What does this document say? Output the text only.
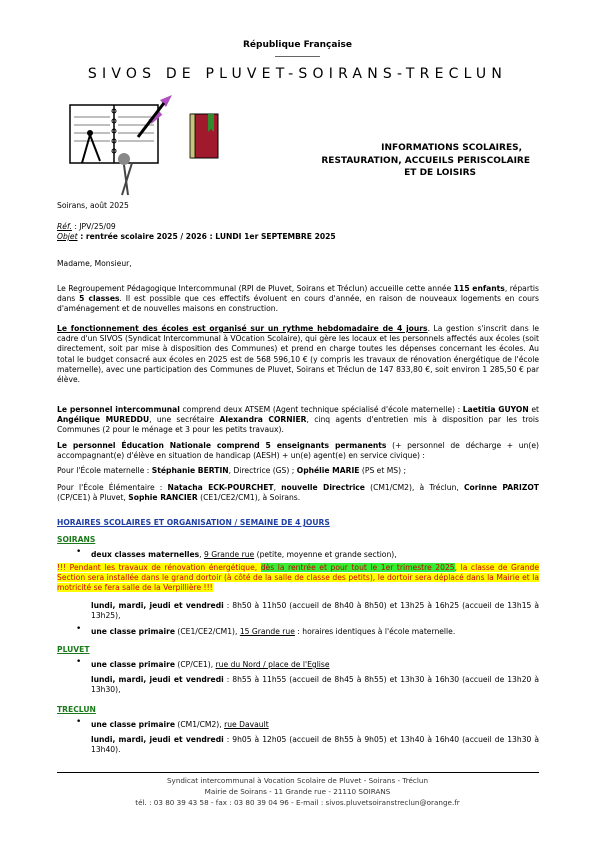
République Française
SIVOS DE PLUVET-SOIRANS-TRECLUN
INFORMATIONS SCOLAIRES,
RESTAURATION, ACCUEILS PERISCOLAIRE
ET DE LOISIRS
Soirans, août 2025
Réf. : JPV/25/09
Objet : rentrée scolaire 2025 / 2026 : LUNDI 1er SEPTEMBRE 2025
Madame, Monsieur,
Le Regroupement Pédagogique Intercommunal (RPI de Pluvet, Soirans et Tréclun) accueille cette année 115 enfants, répartis dans 5 classes. Il est possible que ces effectifs évoluent en cours d'année, en raison de nouveaux logements en cours d'aménagement et de nouvelles maisons en construction.
Le fonctionnement des écoles est organisé sur un rythme hebdomadaire de 4 jours. La gestion s'inscrit dans le cadre d'un SIVOS (Syndicat Intercommunal à VOcation Scolaire), qui gère les locaux et les personnels affectés aux écoles (soit directement, soit par mise à disposition des Communes) et prend en charge toutes les dépenses concernant les écoles. Au total le budget consacré aux écoles en 2025 est de 568 596,10 € (y compris les travaux de rénovation énergétique de l'école maternelle), avec une participation des Communes de Pluvet, Soirans et Tréclun de 147 833,80 €, soit environ 1 285,50 € par élève.
Le personnel intercommunal comprend deux ATSEM (Agent technique spécialisé d'école maternelle) : Laetitia GUYON et Angélique MUREDDU, une secrétaire Alexandra CORNIER, cinq agents d'entretien mis à disposition par les trois Communes (2 pour le ménage et 3 pour les petits travaux).
Le personnel Éducation Nationale comprend 5 enseignants permanents (+ personnel de décharge + un(e) accompagnant(e) d'élève en situation de handicap (AESH) + un(e) agent(e) en service civique) :
Pour l'École maternelle : Stéphanie BERTIN, Directrice (GS) ; Ophélie MARIE (PS et MS) ;
Pour l'École Élémentaire : Natacha ECK-POURCHET, nouvelle Directrice (CM1/CM2), à Tréclun, Corinne PARIZOT (CP/CE1) à Pluvet, Sophie RANCIER (CE1/CE2/CM1), à Soirans.
HORAIRES SCOLAIRES ET ORGANISATION / SEMAINE DE 4 JOURS
SOIRANS
• deux classes maternelles, 9 Grande rue (petite, moyenne et grande section),
!!! Pendant les travaux de rénovation énergétique, dès la rentrée et pour tout le 1er trimestre 2025, la classe de Grande Section sera installée dans le grand dortoir (à côté de la salle de classe des petits), le dortoir sera déplacé dans la Mairie et la motricité se fera salle de la Verpillière !!!
lundi, mardi, jeudi et vendredi : 8h50 à 11h50 (accueil de 8h40 à 8h50) et 13h25 à 16h25 (accueil de 13h15 à 13h25),
• une classe primaire (CE1/CE2/CM1), 15 Grande rue : horaires identiques à l'école maternelle.
PLUVET
• une classe primaire (CP/CE1), rue du Nord / place de l'Eglise
lundi, mardi, jeudi et vendredi : 8h55 à 11h55 (accueil de 8h45 à 8h55) et 13h30 à 16h30 (accueil de 13h20 à 13h30),
TRECLUN
• une classe primaire (CM1/CM2), rue Davault
lundi, mardi, jeudi et vendredi : 9h05 à 12h05 (accueil de 8h55 à 9h05) et 13h40 à 16h40 (accueil de 13h30 à 13h40).
Syndicat intercommunal à Vocation Scolaire de Pluvet - Soirans - Tréclun
Mairie de Soirans - 11 Grande rue - 21110 SOIRANS
tél. : 03 80 39 43 58 - fax : 03 80 39 04 96 - E-mail : sivos.pluvetsoiranstreclun@orange.fr
